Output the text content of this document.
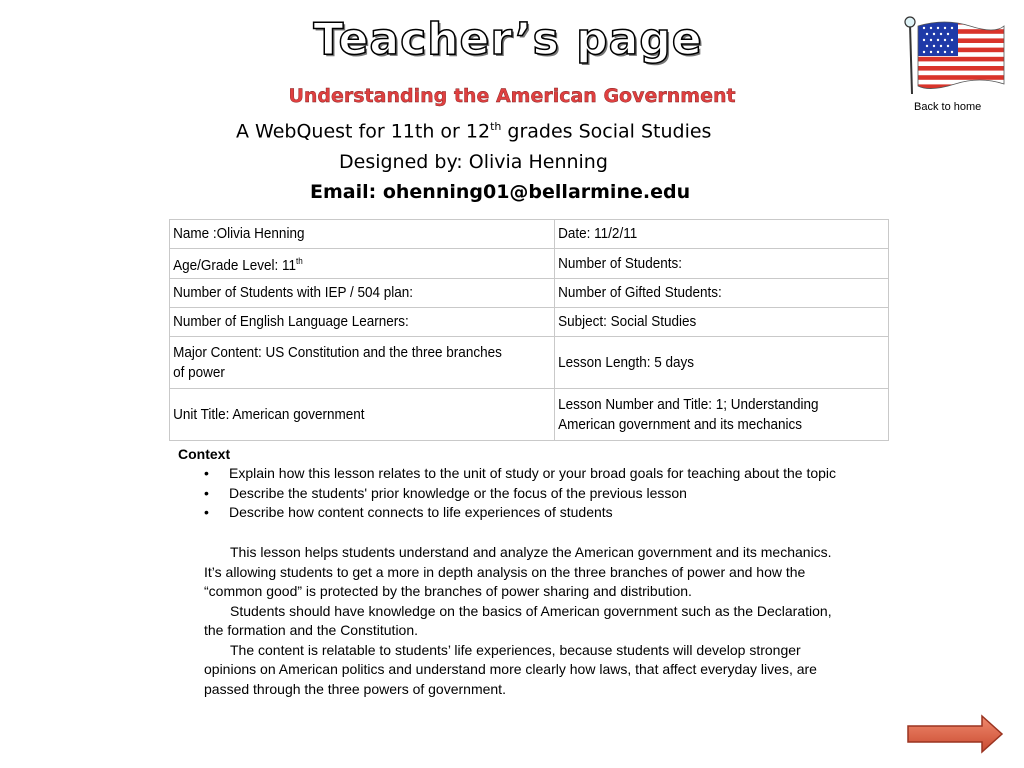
Teacher’s page
Understanding the American Government
A WebQuest for 11th or 12th grades Social Studies
Designed by: Olivia Henning
Email: ohenning01@bellarmine.edu
Back to home
Name :Olivia Henning	Date: 11/2/11

Age/Grade Level: 11th	Number of Students:

Number of Students with IEP / 504 plan:	Number of Gifted Students:

Number of English Language Learners:	Subject: Social Studies

Major Content: US Constitution and the three branches of power	Lesson Length: 5 days

Unit Title: American government	Lesson Number and Title: 1; Understanding American government and its mechanics
Context
• Explain how this lesson relates to the unit of study or your broad goals for teaching about the topic
• Describe the students' prior knowledge or the focus of the previous lesson
• Describe how content connects to life experiences of students

This lesson helps students understand and analyze the American government and its mechanics. It’s allowing students to get a more in depth analysis on the three branches of power and how the “common good” is protected by the branches of power sharing and distribution.

Students should have knowledge on the basics of American government such as the Declaration, the formation and the Constitution.

The content is relatable to students’ life experiences, because students will develop stronger opinions on American politics and understand more clearly how laws, that affect everyday lives, are passed through the three powers of government.
